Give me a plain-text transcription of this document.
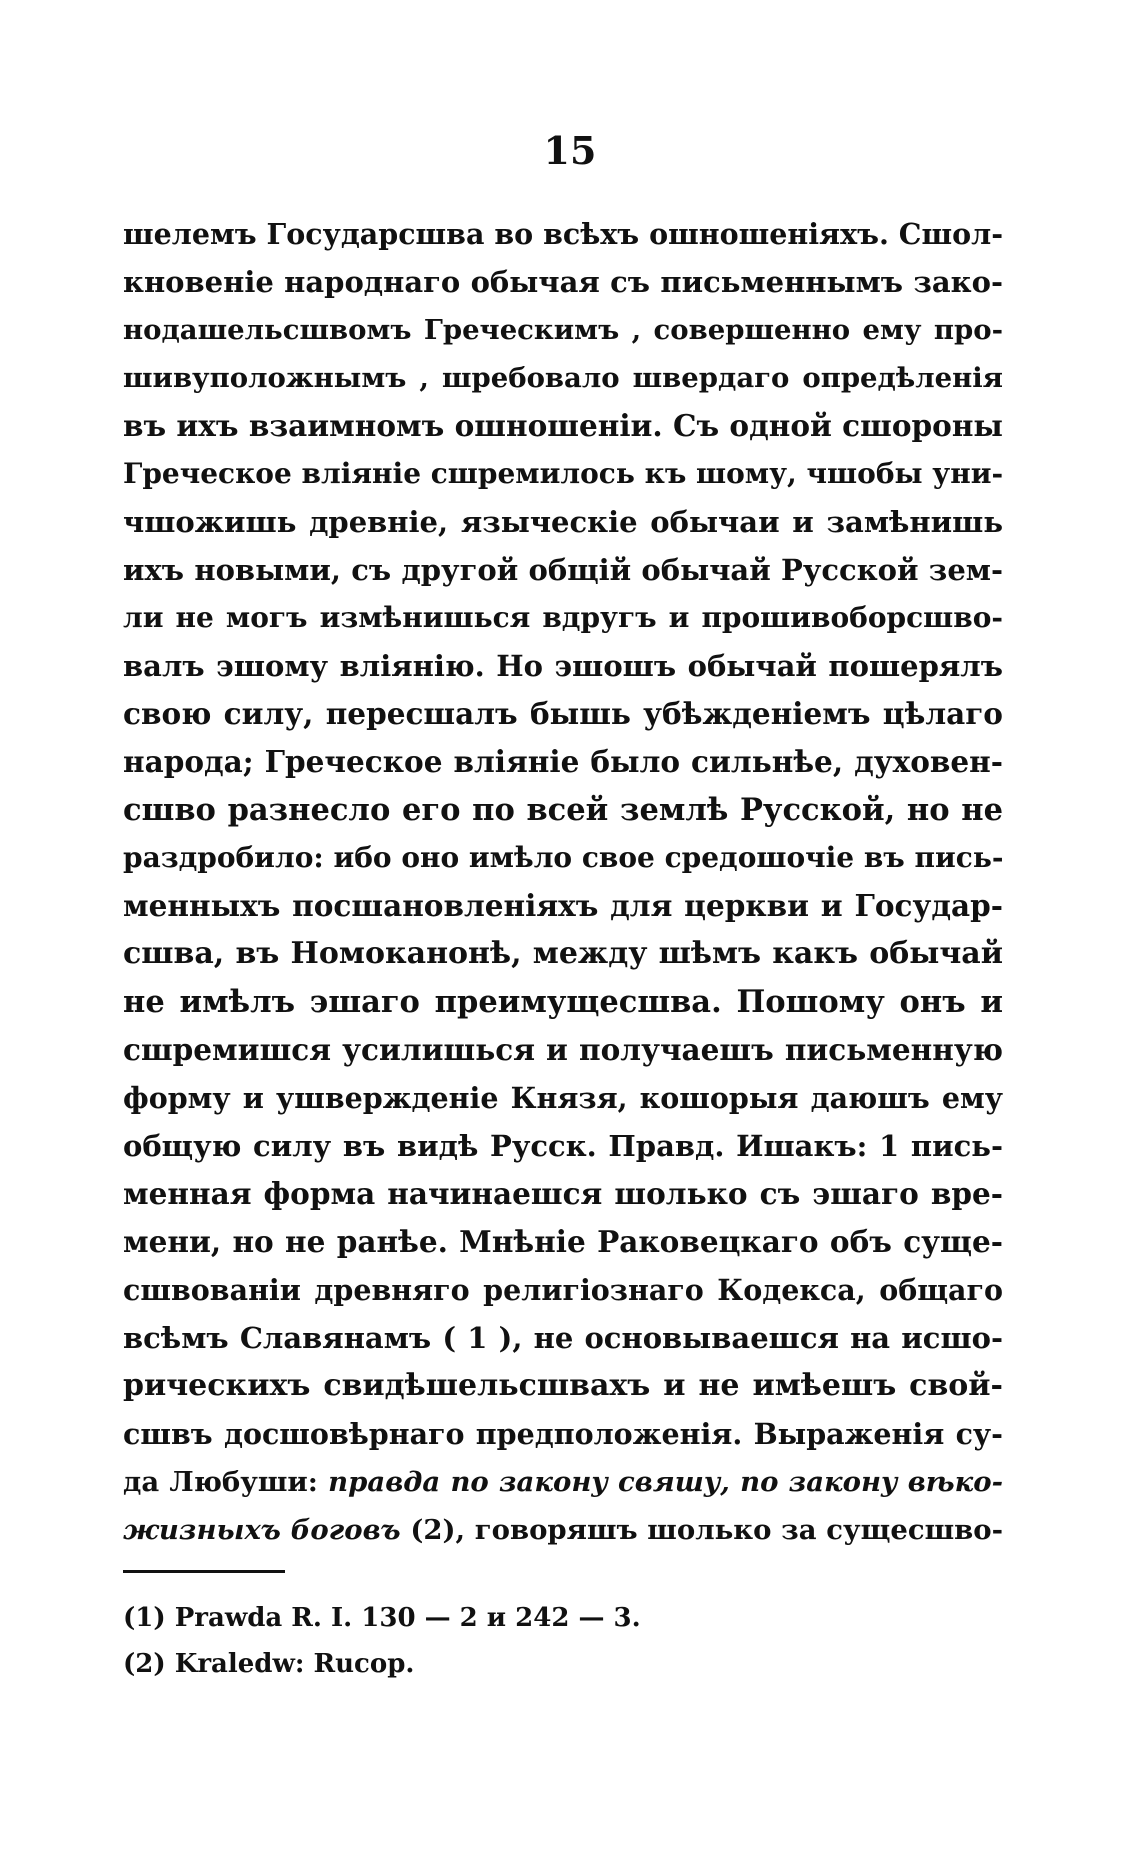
15
шелемъ Государсшва во всѣхъ ошношеніяхъ. Сшол-
кновеніе народнаго обычая съ письменнымъ зако-
нодашельсшвомъ Греческимъ , совершенно ему про-
шивуположнымъ , шребовало швердаго опредѣленія
въ ихъ взаимномъ ошношеніи. Съ одной сшороны
Греческое вліяніе сшремилось къ шому, чшобы уни-
чшожишь древніе, языческіе обычаи и замѣнишь
ихъ новыми, съ другой общій обычай Русской зем-
ли не могъ измѣнишься вдругъ и прошивоборсшво-
валъ эшому вліянію. Но эшошъ обычай пошерялъ
свою силу, пересшалъ бышь убѣжденіемъ цѣлаго
народа; Греческое вліяніе было сильнѣе, духовен-
сшво разнесло его по всей землѣ Русской, но не
раздробило: ибо оно имѣло свое средошочіе въ пись-
менныхъ посшановленіяхъ для церкви и Государ-
сшва, въ Номоканонѣ, между шѣмъ какъ обычай
не имѣлъ эшаго преимущесшва. Пошому онъ и
сшремишся усилишься и получаешъ письменную
форму и ушвержденіе Князя, кошорыя даюшъ ему
общую силу въ видѣ Русск. Правд. Ишакъ: 1 пись-
менная форма начинаешся шолько съ эшаго вре-
мени, но не ранѣе. Мнѣніе Раковецкаго объ суще-
сшвованіи древняго религіознаго Кодекса, общаго
всѣмъ Славянамъ ( 1 ), не основываешся на исшо-
рическихъ свидѣшельсшвахъ и не имѣешъ свой-
сшвъ досшовѣрнаго предположенія. Выраженія су-
да Любуши: правда по закону свяшу, по закону вѣко-
жизныхъ боговъ (2), говоряшъ шолько за сущесшво-
(1) Prawda R. I. 130 — 2 и 242 — 3.
(2) Kraledw: Rucop.
